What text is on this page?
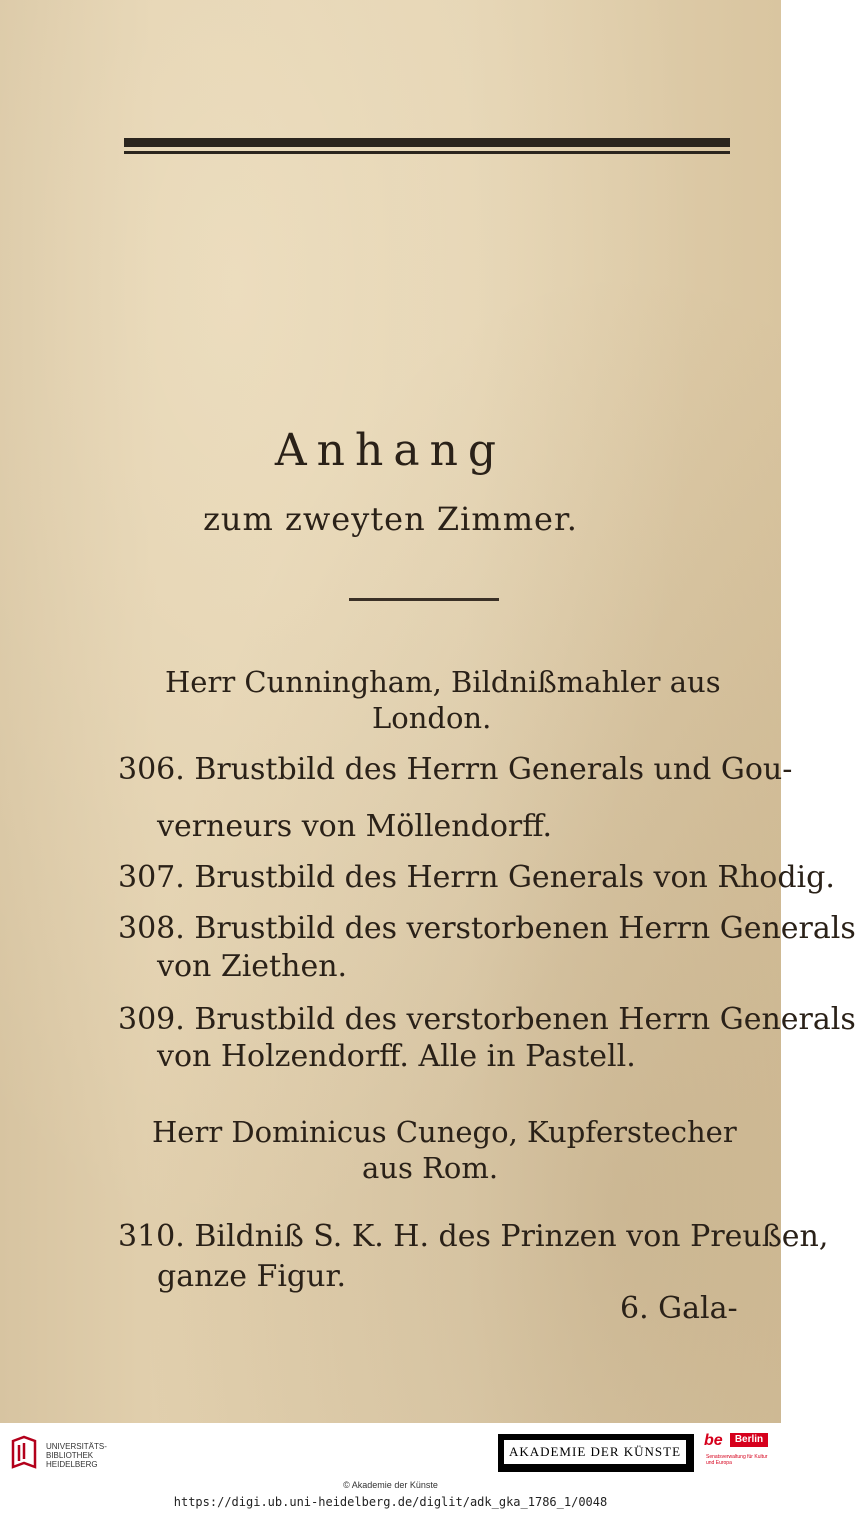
Anhang
zum zweyten Zimmer.
Herr Cunningham, Bildnißmahler aus
London.
306. Brustbild des Herrn Generals und Gou-
verneurs von Möllendorff.
307. Brustbild des Herrn Generals von Rhodig.
308. Brustbild des verstorbenen Herrn Generals
von Ziethen.
309. Brustbild des verstorbenen Herrn Generals
von Holzendorff. Alle in Pastell.
Herr Dominicus Cunego, Kupferstecher
aus Rom.
310. Bildniß S. K. H. des Prinzen von Preußen,
ganze Figur.
6. Gala-
UNIVERSITÄTS-
BIBLIOTHEK
HEIDELBERG
AKADEMIE DER KÜNSTE
be	Berlin
Senatsverwaltung für Kultur und Europa
© Akademie der Künste
https://digi.ub.uni-heidelberg.de/diglit/adk_gka_1786_1/0048
